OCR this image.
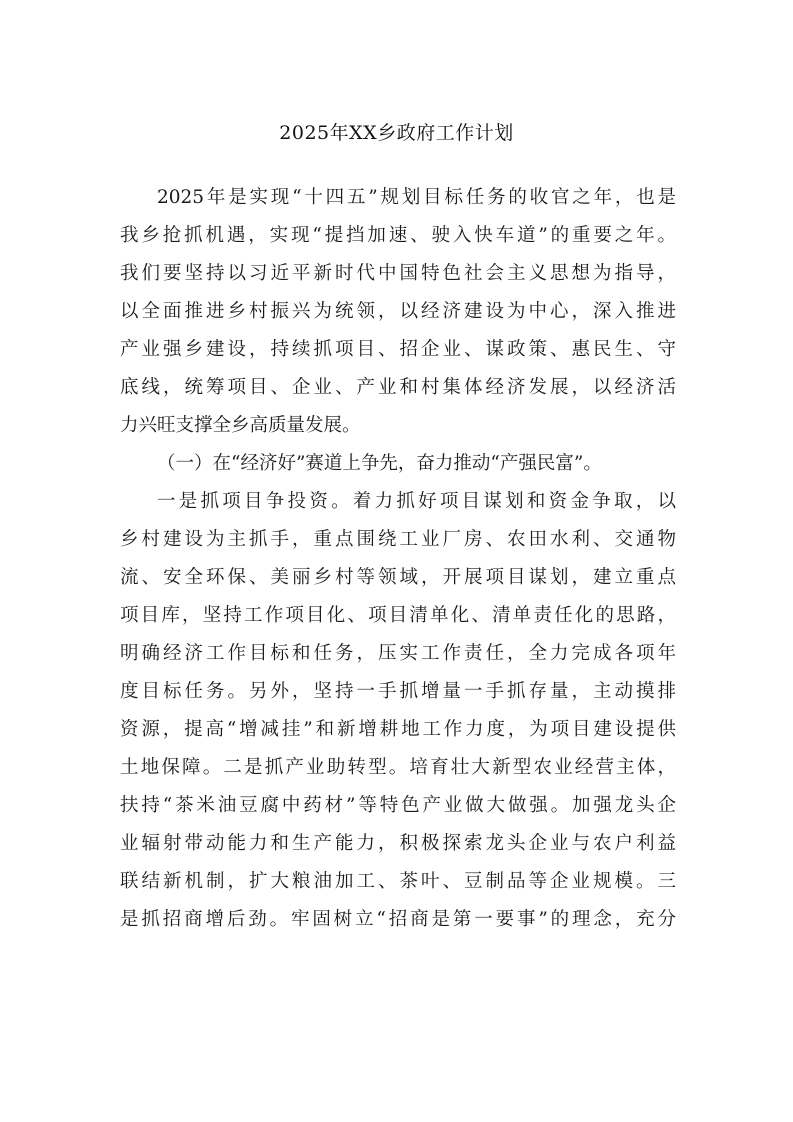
2025年XX乡政府工作计划
2025年是实现“十四五”规划目标任务的收官之年，也是
我乡抢抓机遇，实现“提挡加速、驶入快车道”的重要之年。
我们要坚持以习近平新时代中国特色社会主义思想为指导，
以全面推进乡村振兴为统领，以经济建设为中心，深入推进
产业强乡建设，持续抓项目、招企业、谋政策、惠民生、守
底线，统筹项目、企业、产业和村集体经济发展，以经济活
力兴旺支撑全乡高质量发展。
（一）在“经济好”赛道上争先，奋力推动“产强民富”。
一是抓项目争投资。着力抓好项目谋划和资金争取，以
乡村建设为主抓手，重点围绕工业厂房、农田水利、交通物
流、安全环保、美丽乡村等领域，开展项目谋划，建立重点
项目库，坚持工作项目化、项目清单化、清单责任化的思路，
明确经济工作目标和任务，压实工作责任，全力完成各项年
度目标任务。另外，坚持一手抓增量一手抓存量，主动摸排
资源，提高“增减挂”和新增耕地工作力度，为项目建设提供
土地保障。二是抓产业助转型。培育壮大新型农业经营主体，
扶持“茶米油豆腐中药材”等特色产业做大做强。加强龙头企
业辐射带动能力和生产能力，积极探索龙头企业与农户利益
联结新机制，扩大粮油加工、茶叶、豆制品等企业规模。三
是抓招商增后劲。牢固树立“招商是第一要事”的理念，充分
